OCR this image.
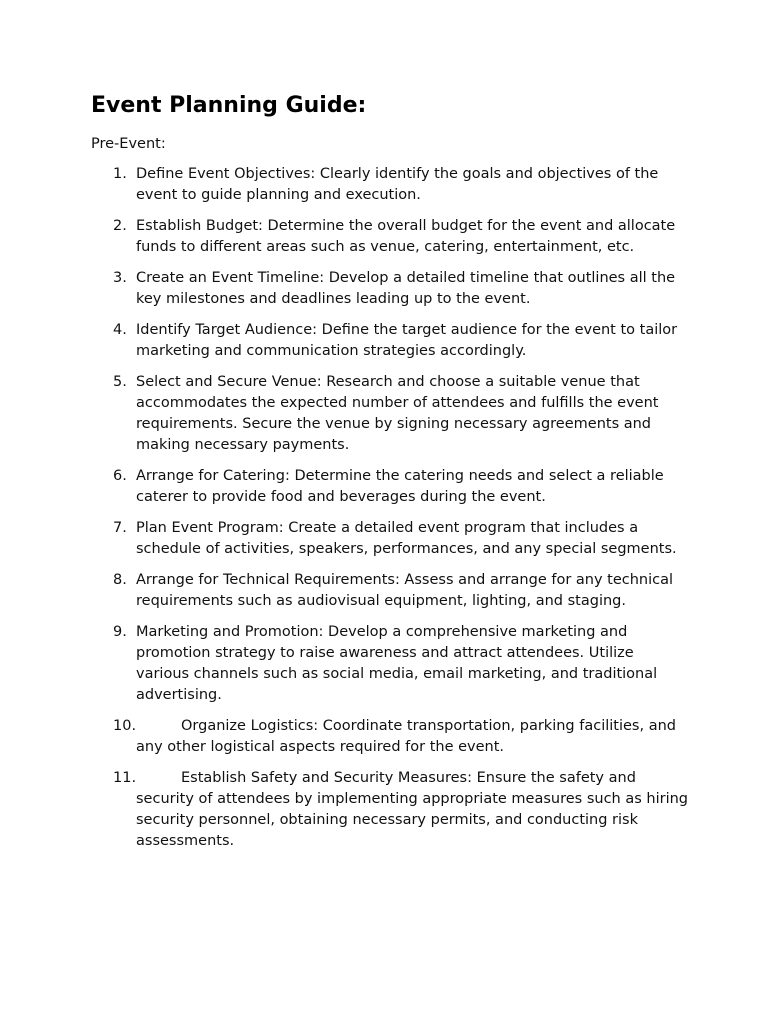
Event Planning Guide:
Pre-Event:
1. Define Event Objectives: Clearly identify the goals and objectives of the event to guide planning and execution.
2. Establish Budget: Determine the overall budget for the event and allocate funds to different areas such as venue, catering, entertainment, etc.
3. Create an Event Timeline: Develop a detailed timeline that outlines all the key milestones and deadlines leading up to the event.
4. Identify Target Audience: Define the target audience for the event to tailor marketing and communication strategies accordingly.
5. Select and Secure Venue: Research and choose a suitable venue that accommodates the expected number of attendees and fulfills the event requirements. Secure the venue by signing necessary agreements and making necessary payments.
6. Arrange for Catering: Determine the catering needs and select a reliable caterer to provide food and beverages during the event.
7. Plan Event Program: Create a detailed event program that includes a schedule of activities, speakers, performances, and any special segments.
8. Arrange for Technical Requirements: Assess and arrange for any technical requirements such as audiovisual equipment, lighting, and staging.
9. Marketing and Promotion: Develop a comprehensive marketing and promotion strategy to raise awareness and attract attendees. Utilize various channels such as social media, email marketing, and traditional advertising.
10.	Organize Logistics: Coordinate transportation, parking facilities, and any other logistical aspects required for the event.
11.	Establish Safety and Security Measures: Ensure the safety and security of attendees by implementing appropriate measures such as hiring security personnel, obtaining necessary permits, and conducting risk assessments.
